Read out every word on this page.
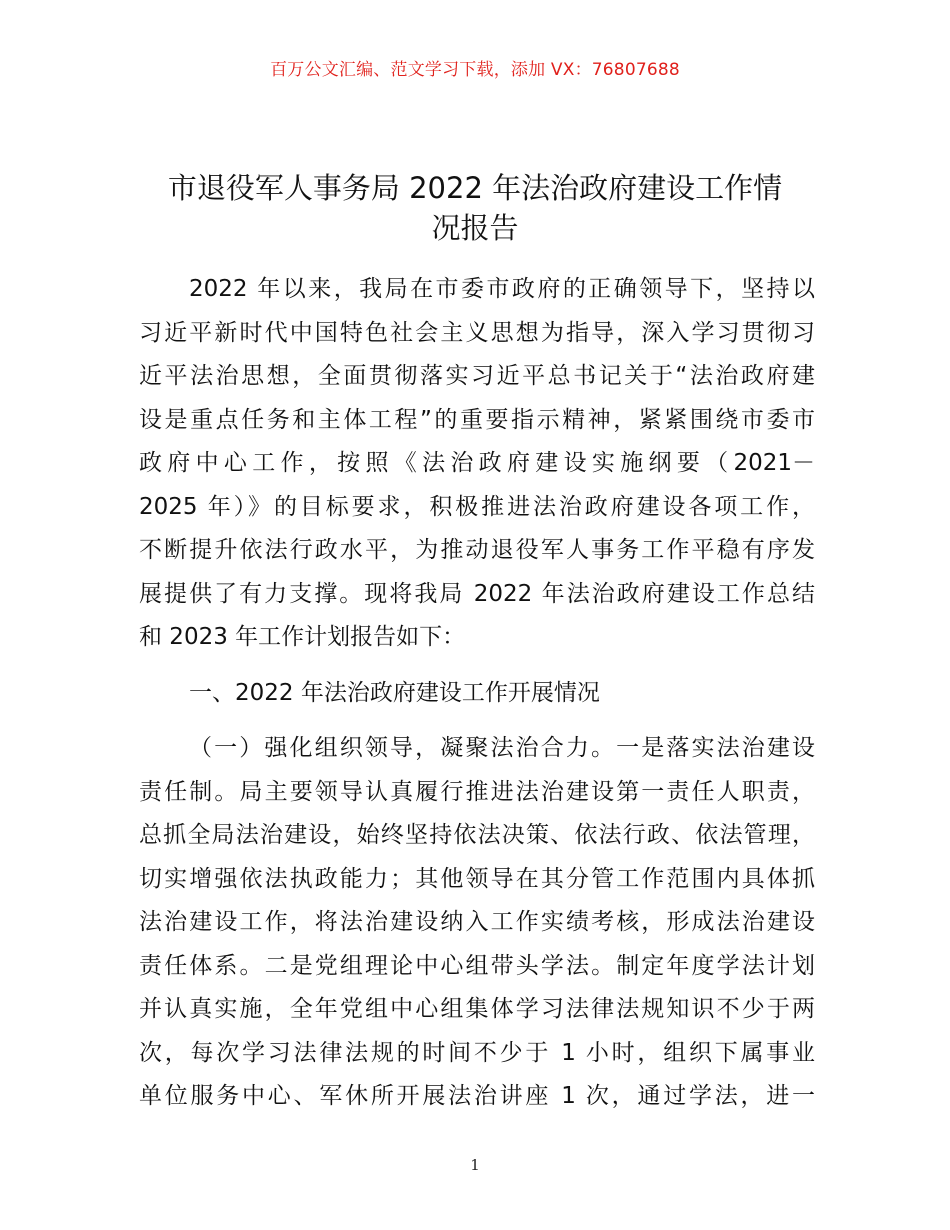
百万公文汇编、范文学习下载，添加 VX：76807688
市退役军人事务局 2022 年法治政府建设工作情
况报告
2022 年以来，我局在市委市政府的正确领导下，坚持以
习近平新时代中国特色社会主义思想为指导，深入学习贯彻习
近平法治思想，全面贯彻落实习近平总书记关于“法治政府建
设是重点任务和主体工程”的重要指示精神，紧紧围绕市委市
政府中心工作，按照《法治政府建设实施纲要（2021－
2025 年）》的目标要求，积极推进法治政府建设各项工作，
不断提升依法行政水平，为推动退役军人事务工作平稳有序发
展提供了有力支撑。现将我局 2022 年法治政府建设工作总结
和 2023 年工作计划报告如下：
一、2022 年法治政府建设工作开展情况
（一）强化组织领导，凝聚法治合力。一是落实法治建设
责任制。局主要领导认真履行推进法治建设第一责任人职责，
总抓全局法治建设，始终坚持依法决策、依法行政、依法管理，
切实增强依法执政能力；其他领导在其分管工作范围内具体抓
法治建设工作，将法治建设纳入工作实绩考核，形成法治建设
责任体系。二是党组理论中心组带头学法。制定年度学法计划
并认真实施，全年党组中心组集体学习法律法规知识不少于两
次，每次学习法律法规的时间不少于 1 小时，组织下属事业
单位服务中心、军休所开展法治讲座 1 次，通过学法，进一
1
